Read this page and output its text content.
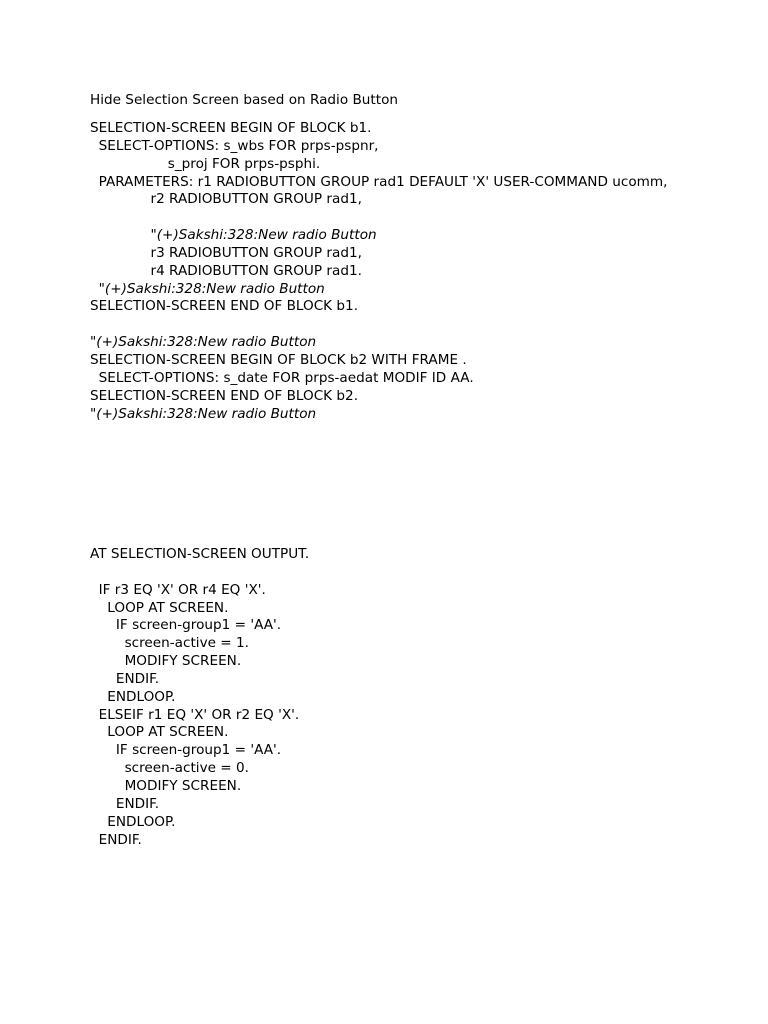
Hide Selection Screen based on Radio Button
SELECTION-SCREEN BEGIN OF BLOCK b1.
SELECT-OPTIONS: s_wbs FOR prps-pspnr,
s_proj FOR prps-psphi.
PARAMETERS: r1 RADIOBUTTON GROUP rad1 DEFAULT 'X' USER-COMMAND ucomm,
r2 RADIOBUTTON GROUP rad1,
"(+)Sakshi:328:New radio Button
r3 RADIOBUTTON GROUP rad1,
r4 RADIOBUTTON GROUP rad1.
"(+)Sakshi:328:New radio Button
SELECTION-SCREEN END OF BLOCK b1.
"(+)Sakshi:328:New radio Button
SELECTION-SCREEN BEGIN OF BLOCK b2 WITH FRAME .
SELECT-OPTIONS: s_date FOR prps-aedat MODIF ID AA.
SELECTION-SCREEN END OF BLOCK b2.
"(+)Sakshi:328:New radio Button
AT SELECTION-SCREEN OUTPUT.
IF r3 EQ 'X' OR r4 EQ 'X'.
LOOP AT SCREEN.
IF screen-group1 = 'AA'.
screen-active = 1.
MODIFY SCREEN.
ENDIF.
ENDLOOP.
ELSEIF r1 EQ 'X' OR r2 EQ 'X'.
LOOP AT SCREEN.
IF screen-group1 = 'AA'.
screen-active = 0.
MODIFY SCREEN.
ENDIF.
ENDLOOP.
ENDIF.
